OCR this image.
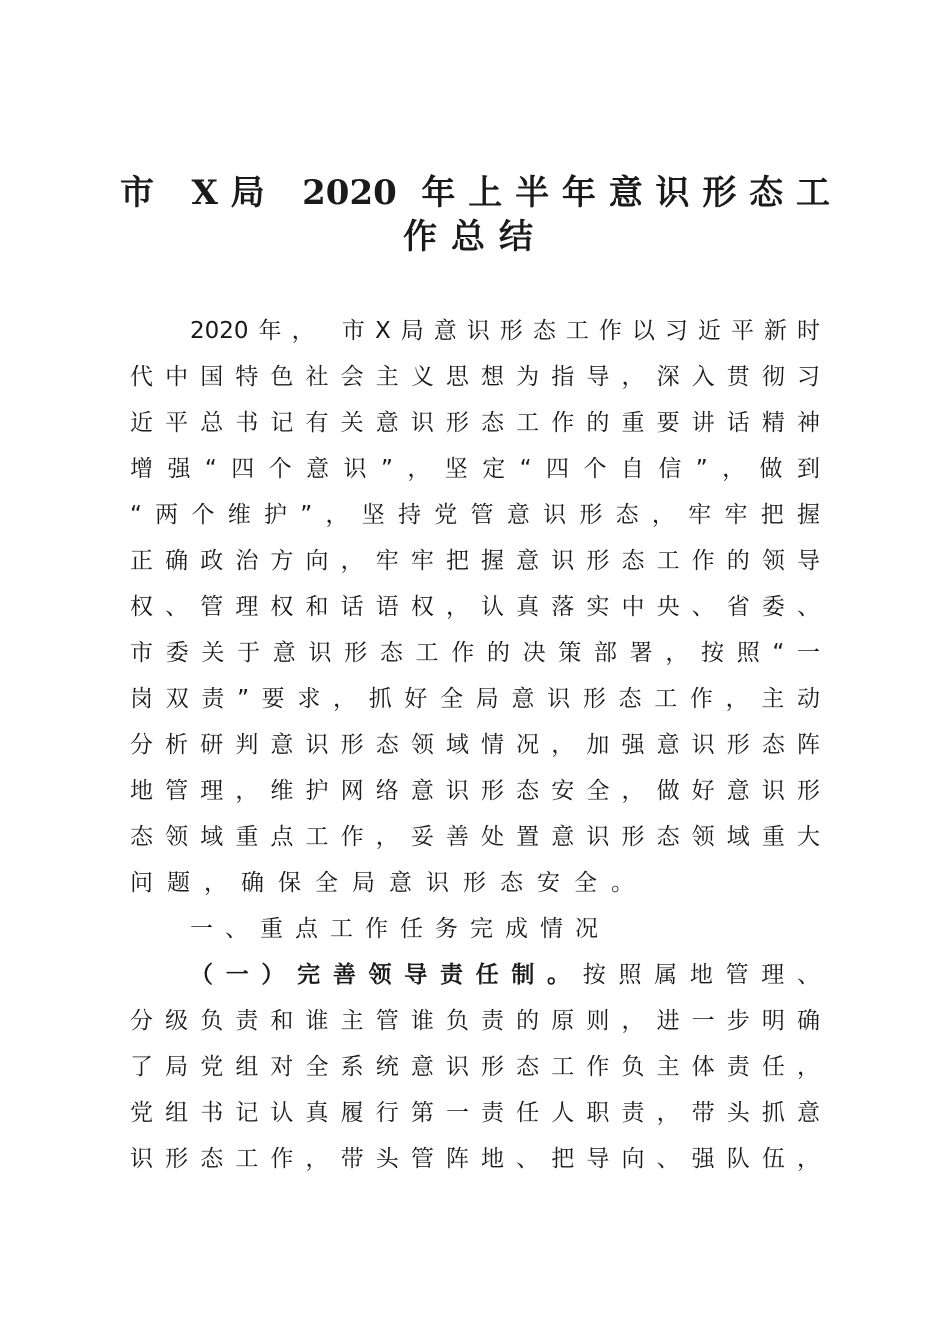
市 X局 2020 年上半年意识形态工
作总结
2020年， 市X局意识形态工作以习近平新时
代中国特色社会主义思想为指导，深入贯彻习
近平总书记有关意识形态工作的重要讲话精神
增强“四个意识”，坚定“四个自信”，做到
“两个维护”，坚持党管意识形态，牢牢把握
正确政治方向，牢牢把握意识形态工作的领导
权、管理权和话语权，认真落实中央、省委、
市委关于意识形态工作的决策部署，按照“一
岗双责”要求，抓好全局意识形态工作，主动
分析研判意识形态领域情况，加强意识形态阵
地管理，维护网络意识形态安全，做好意识形
态领域重点工作，妥善处置意识形态领域重大
问题，确保全局意识形态安全。
一、重点工作任务完成情况
（一）完善领导责任制。按照属地管理、
分级负责和谁主管谁负责的原则，进一步明确
了局党组对全系统意识形态工作负主体责任，
党组书记认真履行第一责任人职责，带头抓意
识形态工作，带头管阵地、把导向、强队伍，
